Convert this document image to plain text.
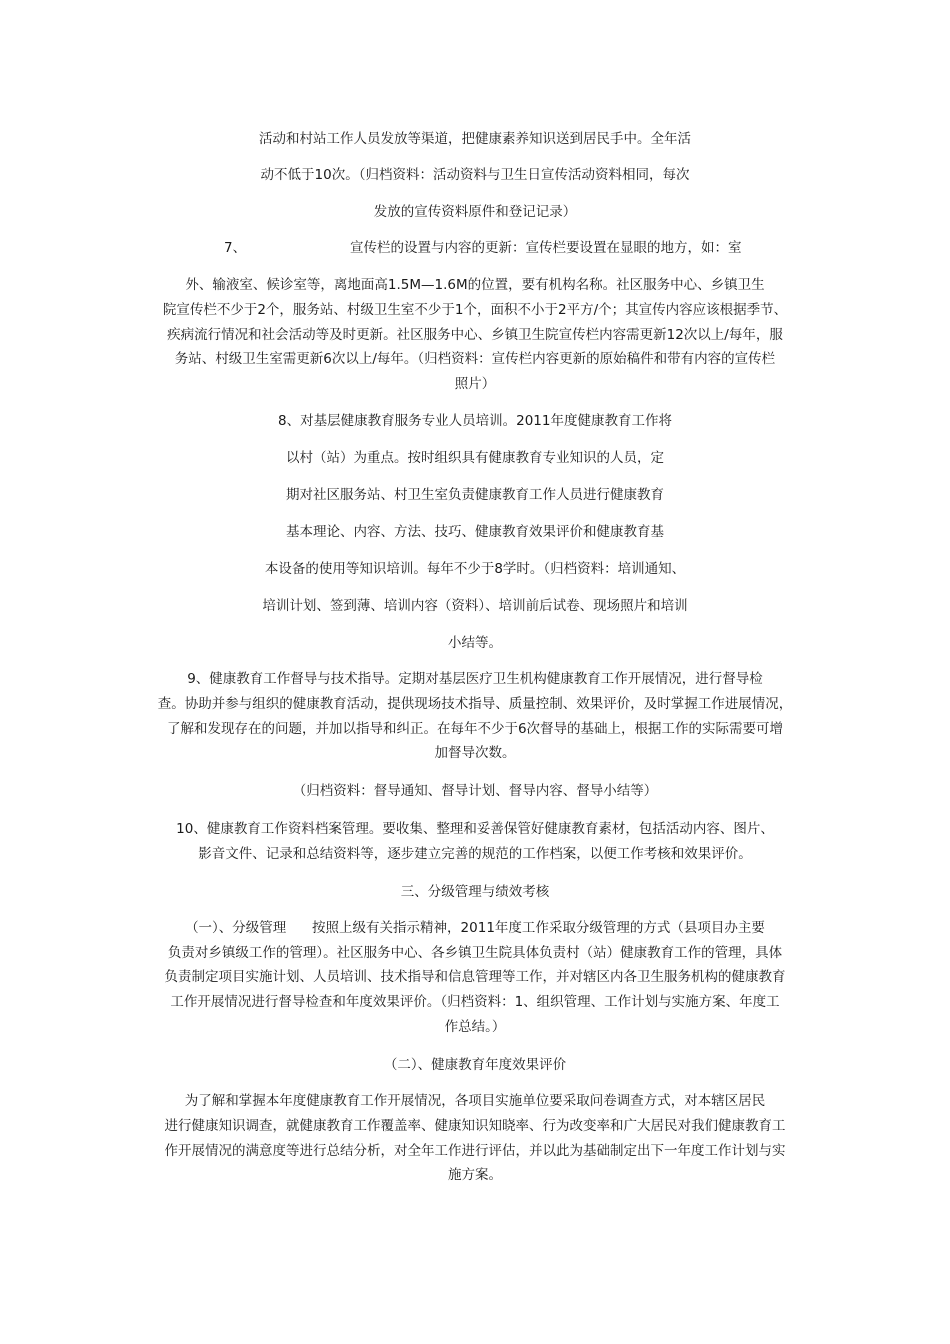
活动和村站工作人员发放等渠道，把健康素养知识送到居民手中。全年活
动不低于10次。（归档资料：活动资料与卫生日宣传活动资料相同，每次
发放的宣传资料原件和登记记录）
7、	宣传栏的设置与内容的更新：宣传栏要设置在显眼的地方，如：室
外、输液室、候诊室等，离地面高1.5M—1.6M的位置，要有机构名称。社区服务中心、乡镇卫生
院宣传栏不少于2个，服务站、村级卫生室不少于1个，面积不小于2平方/个；其宣传内容应该根据季节、
疾病流行情况和社会活动等及时更新。社区服务中心、乡镇卫生院宣传栏内容需更新12次以上/每年，服
务站、村级卫生室需更新6次以上/每年。（归档资料：宣传栏内容更新的原始稿件和带有内容的宣传栏
照片）
8、对基层健康教育服务专业人员培训。2011年度健康教育工作将
以村（站）为重点。按时组织具有健康教育专业知识的人员，定
期对社区服务站、村卫生室负责健康教育工作人员进行健康教育
基本理论、内容、方法、技巧、健康教育效果评价和健康教育基
本设备的使用等知识培训。每年不少于8学时。（归档资料：培训通知、
培训计划、签到薄、培训内容（资料）、培训前后试卷、现场照片和培训
小结等。
9、健康教育工作督导与技术指导。定期对基层医疗卫生机构健康教育工作开展情况，进行督导检
查。协助并参与组织的健康教育活动，提供现场技术指导、质量控制、效果评价，及时掌握工作进展情况，
了解和发现存在的问题，并加以指导和纠正。在每年不少于6次督导的基础上，根据工作的实际需要可增
加督导次数。
（归档资料：督导通知、督导计划、督导内容、督导小结等）
10、健康教育工作资料档案管理。要收集、整理和妥善保管好健康教育素材，包括活动内容、图片、
影音文件、记录和总结资料等，逐步建立完善的规范的工作档案，以便工作考核和效果评价。
三、分级管理与绩效考核
（一）、分级管理      按照上级有关指示精神，2011年度工作采取分级管理的方式（县项目办主要
负责对乡镇级工作的管理）。社区服务中心、各乡镇卫生院具体负责村（站）健康教育工作的管理，具体
负责制定项目实施计划、人员培训、技术指导和信息管理等工作，并对辖区内各卫生服务机构的健康教育
工作开展情况进行督导检查和年度效果评价。（归档资料：1、组织管理、工作计划与实施方案、年度工
作总结。）
（二）、健康教育年度效果评价
为了解和掌握本年度健康教育工作开展情况，各项目实施单位要采取问卷调查方式，对本辖区居民
进行健康知识调查，就健康教育工作覆盖率、健康知识知晓率、行为改变率和广大居民对我们健康教育工
作开展情况的满意度等进行总结分析，对全年工作进行评估，并以此为基础制定出下一年度工作计划与实
施方案。
